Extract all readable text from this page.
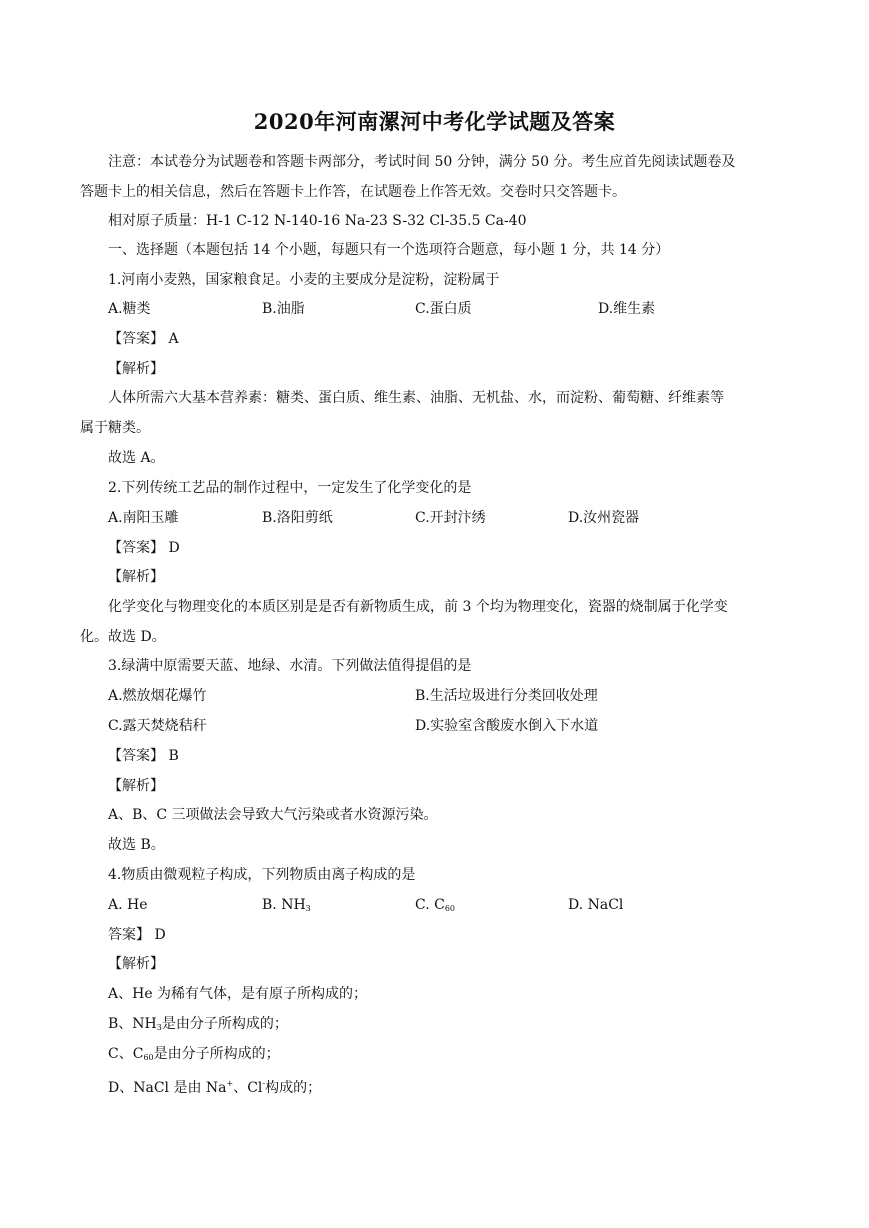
2020年河南漯河中考化学试题及答案
注意：本试卷分为试题卷和答题卡两部分，考试时间 50 分钟，满分 50 分。考生应首先阅读试题卷及
答题卡上的相关信息，然后在答题卡上作答，在试题卷上作答无效。交卷时只交答题卡。
相对原子质量：H-1 C-12 N-140-16 Na-23 S-32 Cl-35.5 Ca-40
一、选择题（本题包括 14 个小题，每题只有一个选项符合题意，每小题 1 分，共 14 分）
1.河南小麦熟，国家粮食足。小麦的主要成分是淀粉，淀粉属于
A.糖类	B.油脂	C.蛋白质	D.维生素
【答案】 A
【解析】
人体所需六大基本营养素：糖类、蛋白质、维生素、油脂、无机盐、水，而淀粉、葡萄糖、纤维素等
属于糖类。
故选 A。
2.下列传统工艺品的制作过程中，一定发生了化学变化的是
A.南阳玉雕	B.洛阳剪纸	C.开封汴绣	D.汝州瓷器
【答案】 D
【解析】
化学变化与物理变化的本质区别是是否有新物质生成，前 3 个均为物理变化，瓷器的烧制属于化学变
化。故选 D。
3.绿满中原需要天蓝、地绿、水清。下列做法值得提倡的是
A.燃放烟花爆竹	B.生活垃圾进行分类回收处理
C.露天焚烧秸秆	D.实验室含酸废水倒入下水道
【答案】 B
【解析】
A、B、C 三项做法会导致大气污染或者水资源污染。
故选 B。
4.物质由微观粒子构成，下列物质由离子构成的是
A. He	B. $NH_3$	C. $C_{60}$	D. NaCl
答案】 D
【解析】
A、He 为稀有气体，是有原子所构成的；
B、$NH_3$是由分子所构成的；
C、$C_{60}$是由分子所构成的；
D、NaCl 是由 Na+、Cl-构成的；
